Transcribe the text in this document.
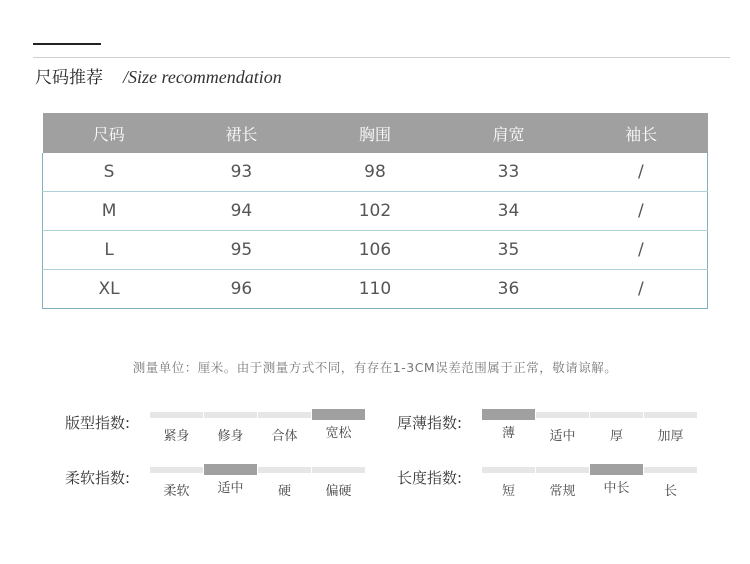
尺码推荐 /Size recommendation
尺码	裙长	胸围	肩宽	袖长
S	93	98	33	/
M	94	102	34	/
L	95	106	35	/
XL	96	110	36	/
测量单位：厘米。由于测量方式不同，有存在1-3CM误差范围属于正常，敬请谅解。
版型指数:
紧身	修身	合体	宽松
柔软指数:
柔软	适中	硬	偏硬
厚薄指数:
薄	适中	厚	加厚
长度指数:
短	常规	中长	长
